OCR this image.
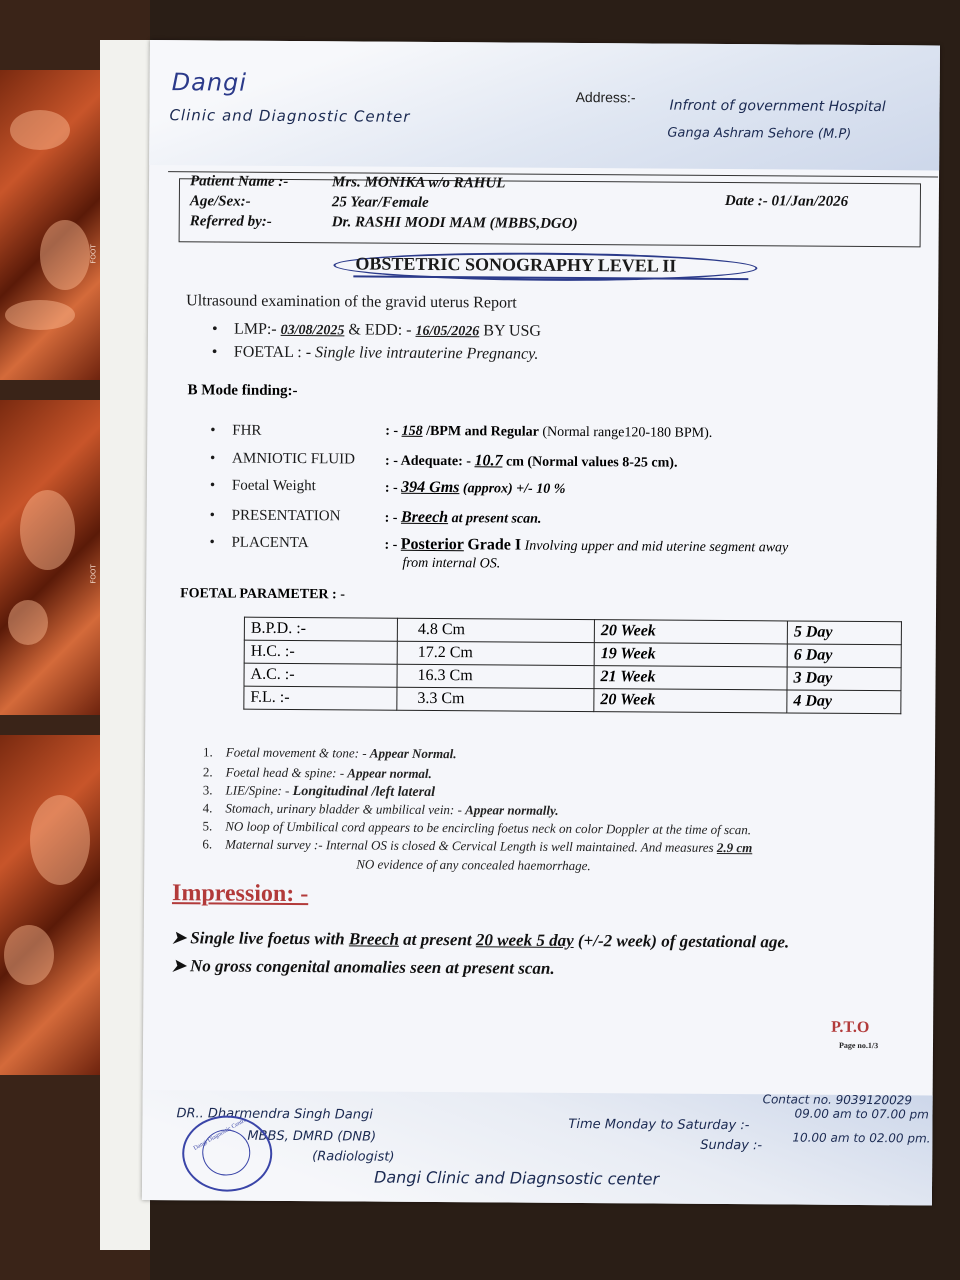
FOOT
FOOT
Dangi
Clinic and Diagnostic Center
Address:-
Infront of government Hospital
Ganga Ashram Sehore (M.P)
Patient Name :-	Mrs. MONIKA w/o RAHUL
Age/Sex:-	25 Year/Female
Referred by:-	Dr. RASHI MODI MAM (MBBS,DGO)
Date :- 01/Jan/2026
OBSTETRIC SONOGRAPHY LEVEL II
Ultrasound examination of the gravid uterus Report
• LMP:- 03/08/2025 & EDD: - 16/05/2026 BY USG
• FOETAL : - Single live intrauterine Pregnancy.
B Mode finding:-
• FHR	: - 158 /BPM and Regular (Normal range120-180 BPM).
• AMNIOTIC FLUID : - Adequate: - 10.7 cm (Normal values 8-25 cm).
• Foetal Weight	: - 394 Gms (approx) +/- 10 %
• PRESENTATION	: - Breech at present scan.
• PLACENTA	: - Posterior Grade I Involving upper and mid uterine segment away
from internal OS.
FOETAL PARAMETER : -
B.P.D. :-	4.8 Cm	20 Week	5 Day
H.C. :-	17.2 Cm	19 Week	6 Day
A.C. :-	16.3 Cm	21 Week	3 Day
F.L. :-	3.3 Cm	20 Week	4 Day
1. Foetal movement & tone: - Appear Normal.
2. Foetal head & spine: - Appear normal.
3. LIE/Spine: - Longitudinal /left lateral
4. Stomach, urinary bladder & umbilical vein: - Appear normally.
5. NO loop of Umbilical cord appears to be encircling foetus neck on color Doppler at the time of scan.
6. Maternal survey :- Internal OS is closed & Cervical Length is well maintained. And measures 2.9 cm
NO evidence of any concealed haemorrhage.
Impression: -
➤ Single live foetus with Breech at present 20 week 5 day (+/-2 week) of gestational age.
➤ No gross congenital anomalies seen at present scan.
P.T.O
Page no.1/3
DR.. Dharmendra Singh Dangi
MBBS, DMRD (DNB)
(Radiologist)
Dangi Diagnostic Centre
Contact no. 9039120029
Time Monday to Saturday :-
09.00 am to 07.00 pm
Sunday :-	10.00 am to 02.00 pm.
Dangi Clinic and Diagnsostic center
